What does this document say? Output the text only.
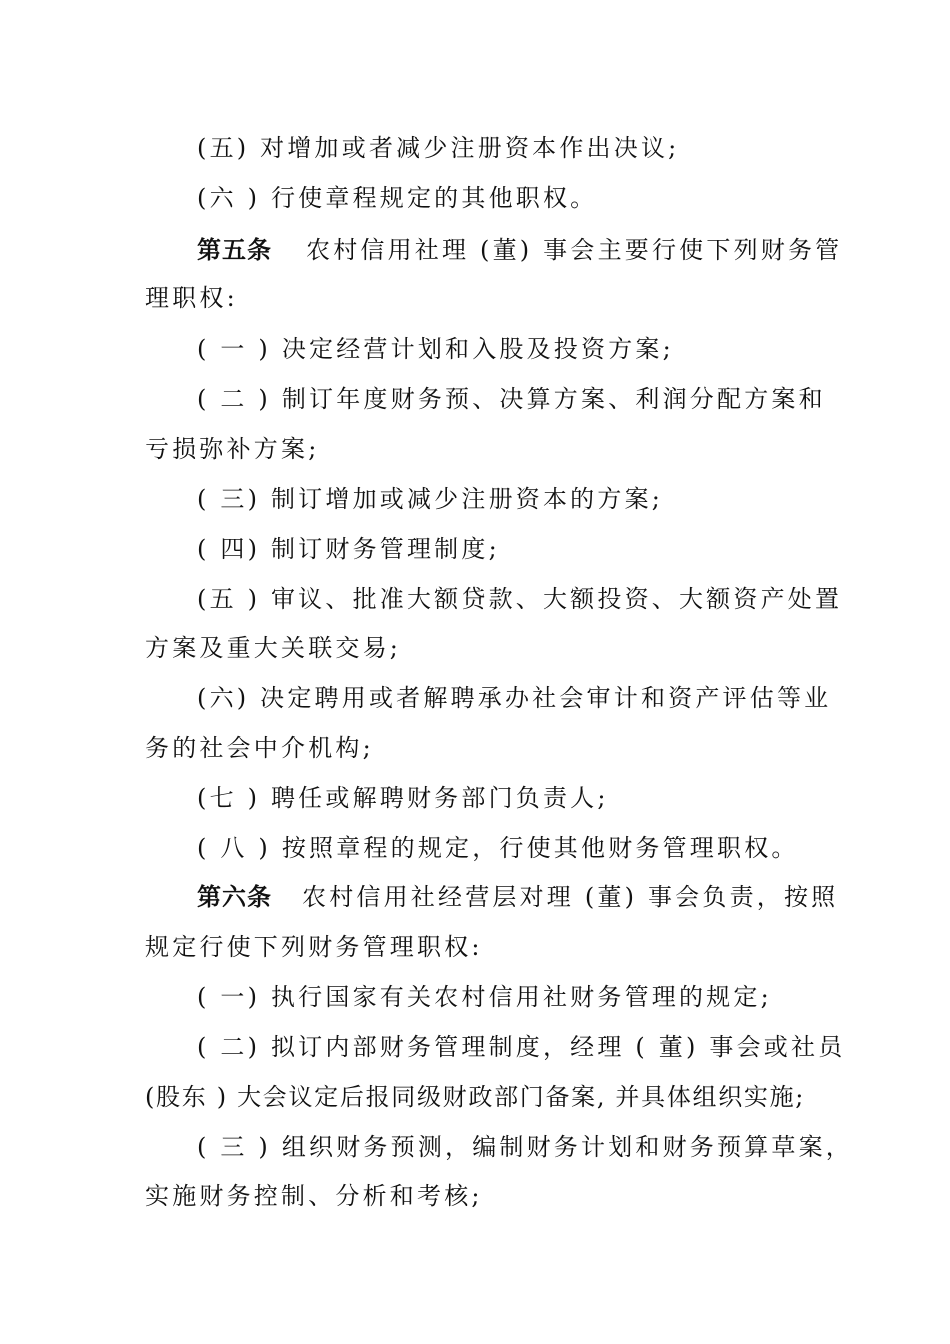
(五) 对增加或者减少注册资本作出决议;
(六 ) 行使章程规定的其他职权。
第五条 农村信用社理 (董) 事会主要行使下列财务管
理职权:
( 一 ) 决定经营计划和入股及投资方案;
( 二 ) 制订年度财务预、决算方案、利润分配方案和
亏损弥补方案;
( 三) 制订增加或减少注册资本的方案;
( 四) 制订财务管理制度;
(五 ) 审议、批准大额贷款、大额投资、大额资产处置
方案及重大关联交易;
(六) 决定聘用或者解聘承办社会审计和资产评估等业
务的社会中介机构;
(七 ) 聘任或解聘财务部门负责人;
( 八 ) 按照章程的规定，行使其他财务管理职权。
第六条 农村信用社经营层对理 (董) 事会负责，按照
规定行使下列财务管理职权:
( 一) 执行国家有关农村信用社财务管理的规定;
( 二) 拟订内部财务管理制度，经理 ( 董) 事会或社员
(股东 ) 大会议定后报同级财政部门备案, 并具体组织实施;
( 三 ) 组织财务预测，编制财务计划和财务预算草案，
实施财务控制、分析和考核;
